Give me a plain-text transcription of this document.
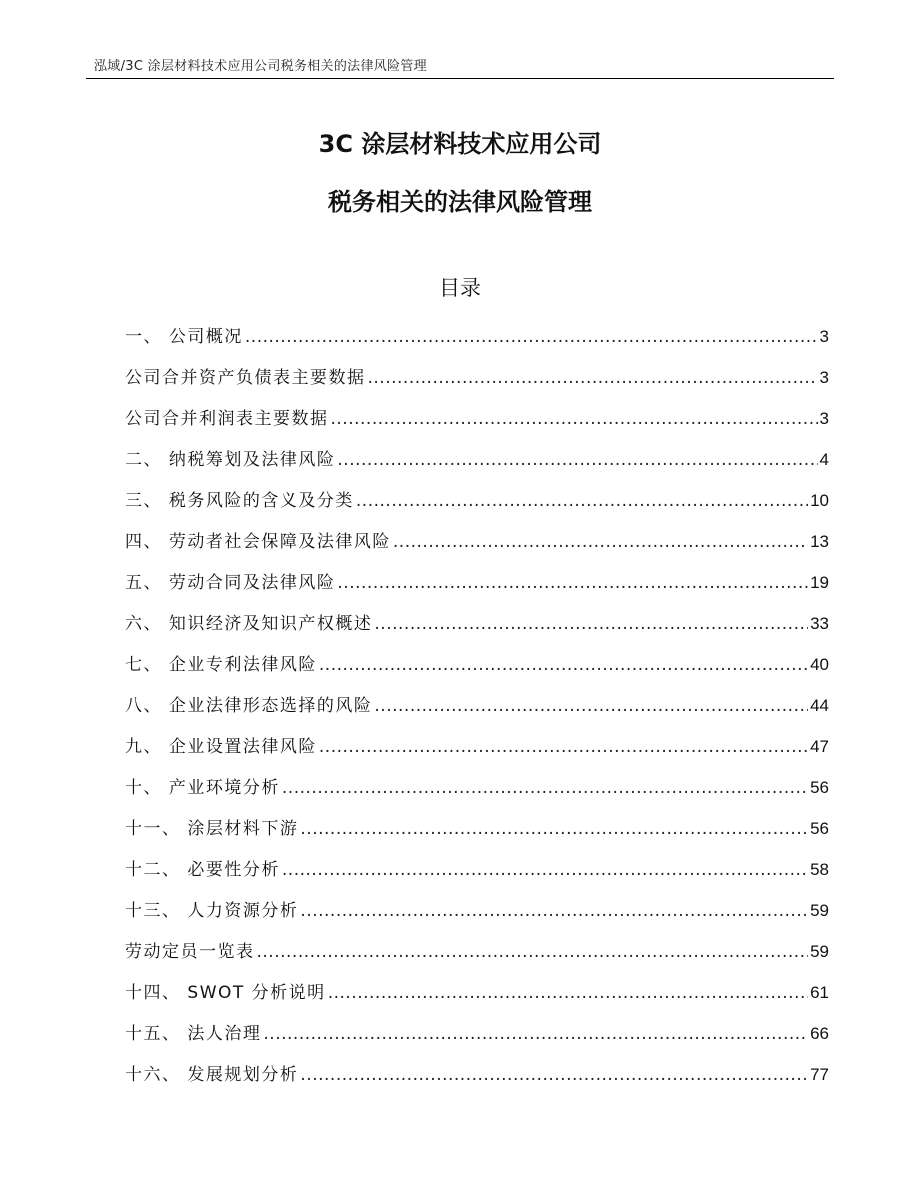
泓域/3C 涂层材料技术应用公司税务相关的法律风险管理
3C 涂层材料技术应用公司
税务相关的法律风险管理
目录
一、 公司概况 .....	3
公司合并资产负债表主要数据 .....	3
公司合并利润表主要数据 .....	3
二、 纳税筹划及法律风险 .....	4
三、 税务风险的含义及分类 .....	10
四、 劳动者社会保障及法律风险 .....	13
五、 劳动合同及法律风险 .....	19
六、 知识经济及知识产权概述 .....	33
七、 企业专利法律风险 .....	40
八、 企业法律形态选择的风险 .....	44
九、 企业设置法律风险 .....	47
十、 产业环境分析 .....	56
十一、 涂层材料下游 .....	56
十二、 必要性分析 .....	58
十三、 人力资源分析 .....	59
劳动定员一览表 .....	59
十四、 SWOT 分析说明 .....	61
十五、 法人治理 .....	66
十六、 发展规划分析 .....	77
